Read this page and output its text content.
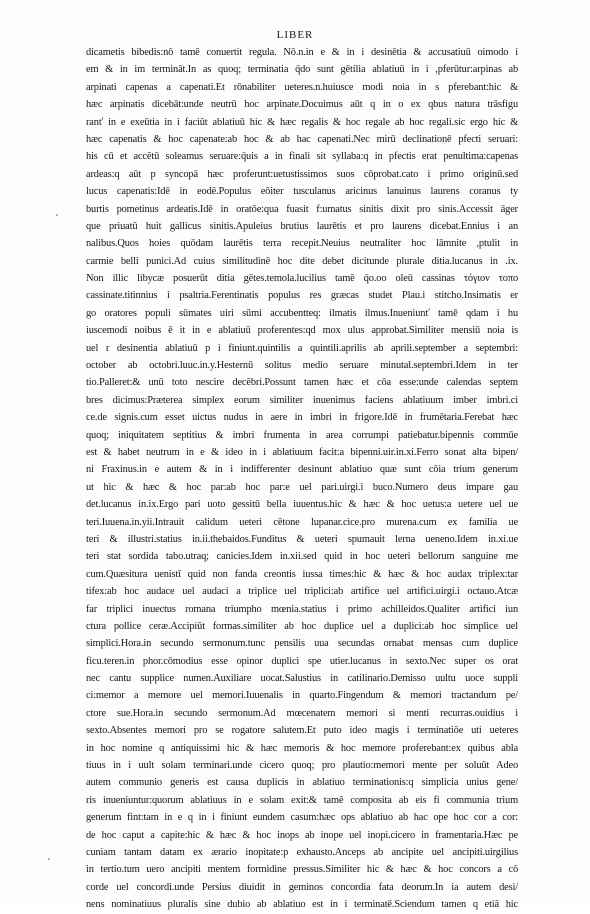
LIBER
dicametis bibedis:nō tamē conuertit regula. Nō.n.in e & in i desinētia & accusatiuū oimodo i
em & in im termināt.In as quoq; terminatia q̄do sunt gētilia ablatiuū in i ,pferūtur:arpinas ab
arpinati capenas a capenati.Et rōnabiliter ueteres.n.huiusce modi noia in s pferebant:hic &
hæc arpinatis dicebāt:unde neutrū hoc arpinate.Docuimus aūt q in o ex qbus natura trāsfigu
ranť in e exeūtia in i faciūt ablatiuū hic & hæc regalis & hoc regale ab hoc regali.sic ergo hic &
hæc capenatis & hoc capenate:ab hoc & ab hac capenati.Nec mirū declinationē pfecti seruari:
his cū et accētū soleamus seruare:q̄uis a in finali sit syllaba:q in pfectis erat penultima:capenas
ardeas:q aūt p syncopā hæc proferunt:uetustissimos suos cōprobat.cato i primo originū.sed
lucus capenatis:Idē in eodē.Populus eōiter tusculanus aricinus lanuinus laurens coranus ty
burtis pometinus ardeatis.Idē in oratōe:qua fuasit f:umatus sinitis dixit pro sinis.Accessit āger
que priuatū huit gallicus sinitis.Apuleius brutius laurētis et pro laurens dicebat.Ennius i an
nalibus.Quos hoies quōdam laurētis terra recepit.Neuius neutraliter hoc lāmnite ,ptulit in
carmie belli punici.Ad cuius similitudinē hoc dite debet dicitunde plurale ditia.lucanus in .ix.
Non illic libycæ posuerūt ditia gētes.temola.lucilius tamē q̄o.oo oleū cassinas τόγιον τοπο
cassinate.titinnius i psaltria.Ferentinatis populus res græcas studet Plau.i stitcho.Insimatis er
go oratores populi sūmates uiri sūmi accubentteq: ilmatis ilmus.Inueniunť tamē qdam i hu
iuscemodi noibus ē it in e ablatiuū proferentes:qd mox ulus approbat.Similiter mensiū noia is
uel r desinentia ablatiuū p i finiunt.quintilis a quintili.aprilis ab aprili.september a septembri:
october ab octobri.luuc.in.y.Hesternū solitus medio seruare minutal.septembri.Idem in ter
tio.Palleret:& unū toto nescire decēbri.Possunt tamen hæc et cōa esse:unde calendas septem
bres dicimus:Præterea simplex eorum similiter inuenimus faciens ablatiuum imber imbri.ci
ce.de signis.cum esset uictus nudus in aere in imbri in frigore.Idē in frumētaria.Ferebat hæc
quoq; iniquitatem septitius & imbri frumenta in area corrumpi patiebatur.bipennis commūe
est & habet neutrum in e & ideo in i ablatiuum facit:a bipenni.uir.in.xi.Ferro sonat alta bipen/
ni Fraxinus.in e autem & in i indifferenter desinunt ablatiuo quæ sunt cōia trium generum
ut hic & hæc & hoc par:ab hoc par:e uel pari.uirgi.i buco.Numero deus impare gau
det.lucanus in.ix.Ergo pari uoto gessitū bella iuuentus.hic & hæc & hoc uetus:a uetere uel ue
teri.Iuuena.in.yii.Intrauit calidum ueteri cētone lupanar.cice.pro murena.cum ex familia ue
teri & illustri.statius in.ii.thebaidos.Funditus & ueteri spumauit lerna ueneno.Idem in.xi.ue
teri stat sordida tabo.utraq; canicies.Idem in.xii.sed quid in hoc ueteri bellorum sanguine me
cum.Quæsitura uenistī quid non fanda creontis iussa times:hic & hæc & hoc audax triplex:tar
tifex:ab hoc audace uel audaci a triplice uel triplici:ab artifice uel artifici.uirgi.i octauo.Atcæ
far triplici inuectus romana triumpho mœnia.statius i primo achilleidos.Qualiter artifici iun
ctura pollice ceræ.Accipiūt formas.similiter ab hoc duplice uel a duplici:ab hoc simplice uel
simplici.Hora.in secundo sermonum.tunc pensilis uua secundas ornabat mensas cum duplice
ficu.teren.in phor.cōmodius esse opinor duplici spe utier.lucanus in sexto.Nec super os orat
nec cantu supplice numen.Auxiliare uocat.Salustius in catilinario.Demisso uultu uoce suppli
ci:memor a memore uel memori.Iuuenalis in quarto.Fingendum & memori tractandum pe/
ctore sue.Hora.in secundo sermonum.Ad mœcenatem memori si menti recurras.ouidius i
sexto.Absentes memori pro se rogatore salutem.Et puto ideo magis i terminatiōe uti ueteres
in hoc nomine q antiquissimi hic & hæc memoris & hoc memore proferebant:ex quibus abla
tiuus in i uult solam terminari.unde cicero quoq; pro plautio:memori mente per soluūt Adeo
autem communio generis est causa duplicis in ablatiuo terminationis:q simplicia unius gene/
ris inueniuntur:quorum ablatiuus in e solam exit:& tamē composita ab eis fi communia trium
generum fint:tam in e q in i finiunt eundem casum:hæc ops ablatiuo ab hac ope hoc cor a cor:
de hoc caput a capite:hic & hæc & hoc inops ab inope uel inopi.cicero in framentaria.Hæc pe
cuniam tantam datam ex ærario inopitate:p exhausto.Anceps ab ancipite uel ancipiti.uirgilius
in tertio.tum uero ancipiti mentem formidine pressus.Similiter hic & hæc & hoc concors a cō
corde uel concordi.unde Persius diuidit in geminos concordia fata deorum.In ia autem desi/
nens nominatiuus pluralis sine dubio ab ablatiuo est in i terminatē.Sciendum tamen q etiā hic
